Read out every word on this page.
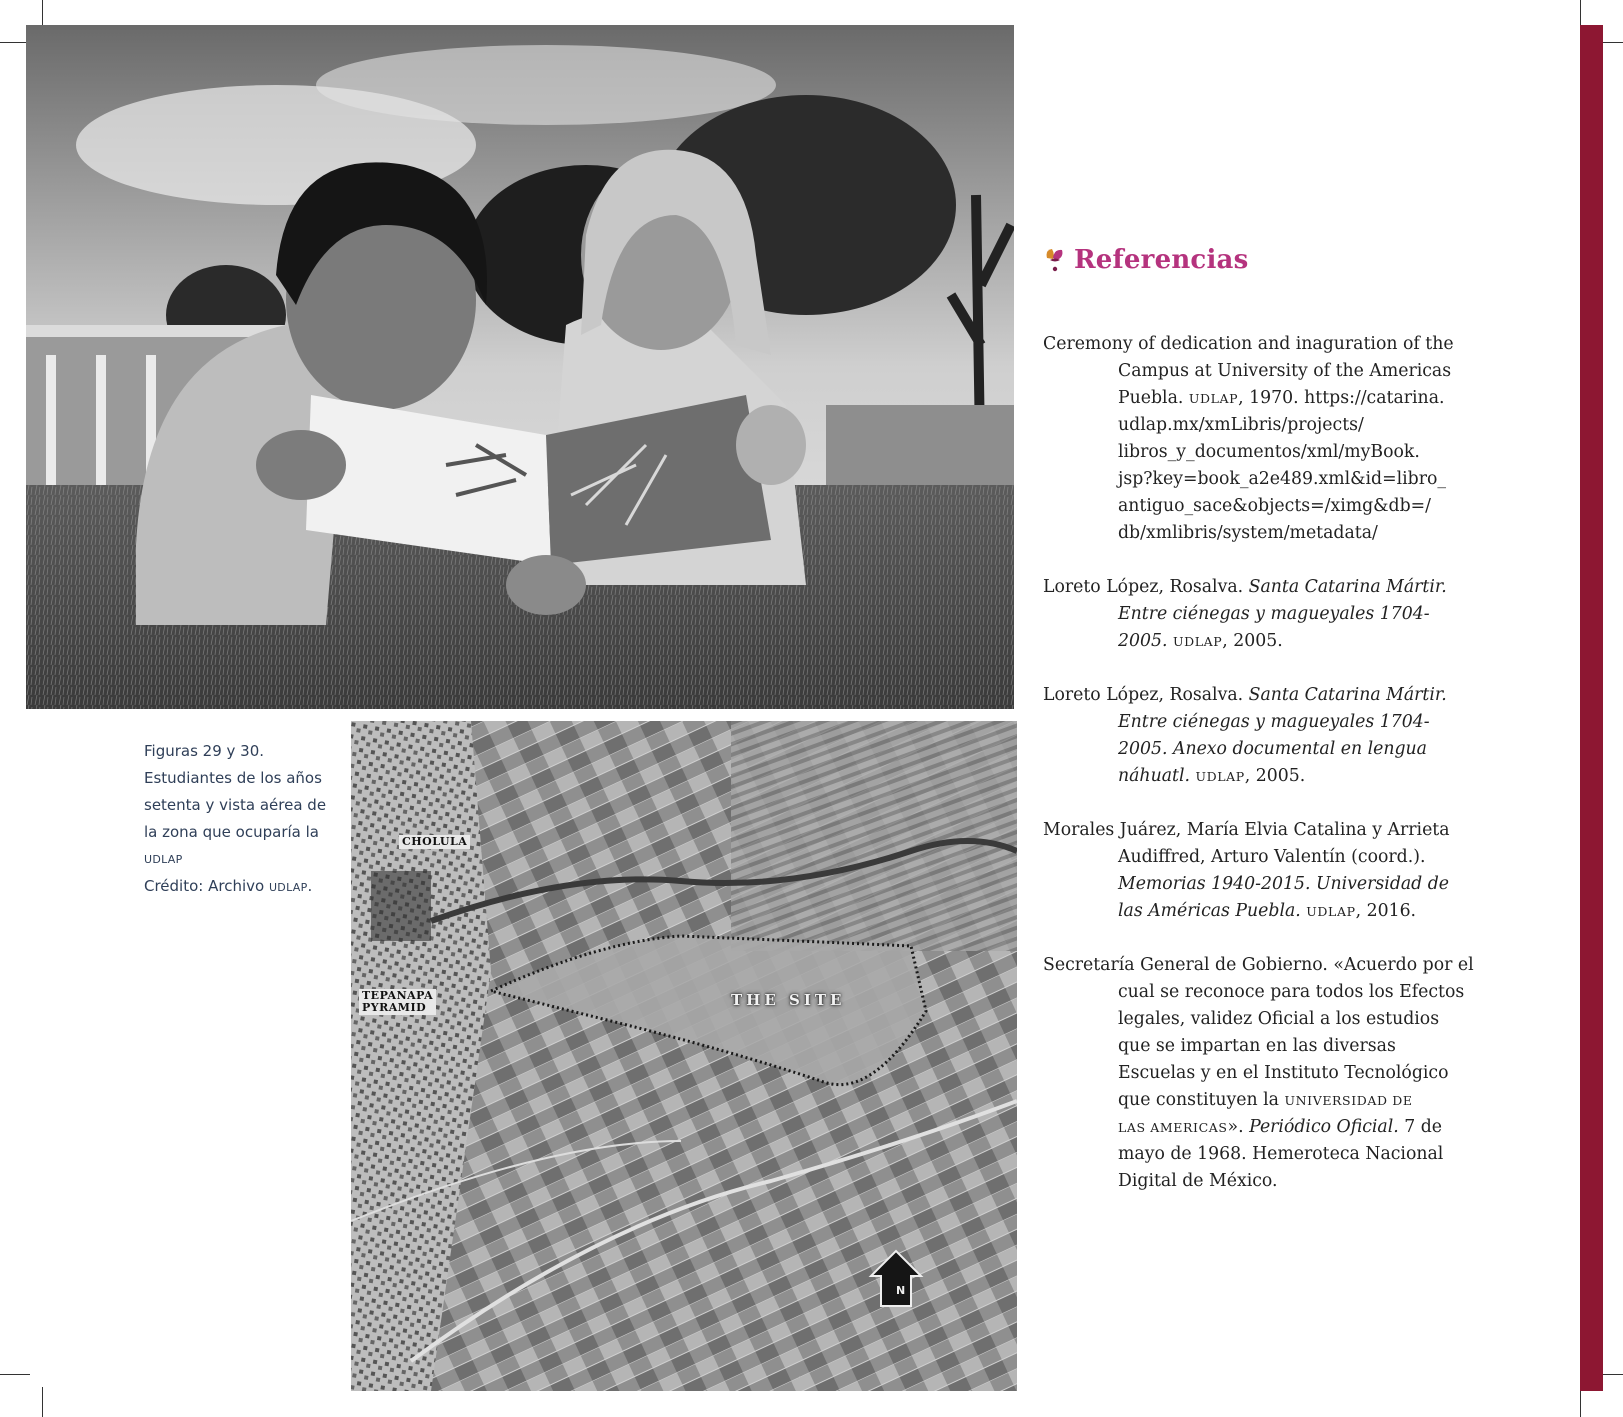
Figuras 29 y 30.
Estudiantes de los años
setenta y vista aérea de
la zona que ocuparía la
UDLAP
Crédito: Archivo UDLAP.
CHOLULA
TEPANAPA
PYRAMID	THE SITE
N
Referencias
Ceremony of dedication and inaguration of the
Campus at University of the Americas
Puebla. UDLAP, 1970. https://catarina.
udlap.mx/xmLibris/projects/
libros_y_documentos/xml/myBook.
jsp?key=book_a2e489.xml&id=libro_
antiguo_sace&objects=/ximg&db=/
db/xmlibris/system/metadata/
Loreto López, Rosalva. Santa Catarina Mártir.
Entre ciénegas y magueyales 1704-
2005. UDLAP, 2005.
Loreto López, Rosalva. Santa Catarina Mártir.
Entre ciénegas y magueyales 1704-
2005. Anexo documental en lengua
náhuatl. UDLAP, 2005.
Morales Juárez, María Elvia Catalina y Arrieta
Audiffred, Arturo Valentín (coord.).
Memorias 1940-2015. Universidad de
las Américas Puebla. UDLAP, 2016.
Secretaría General de Gobierno. «Acuerdo por el
cual se reconoce para todos los Efectos
legales, validez Oficial a los estudios
que se impartan en las diversas
Escuelas y en el Instituto Tecnológico
que constituyen la UNIVERSIDAD DE
LAS AMERICAS». Periódico Oficial. 7 de
mayo de 1968. Hemeroteca Nacional
Digital de México.
